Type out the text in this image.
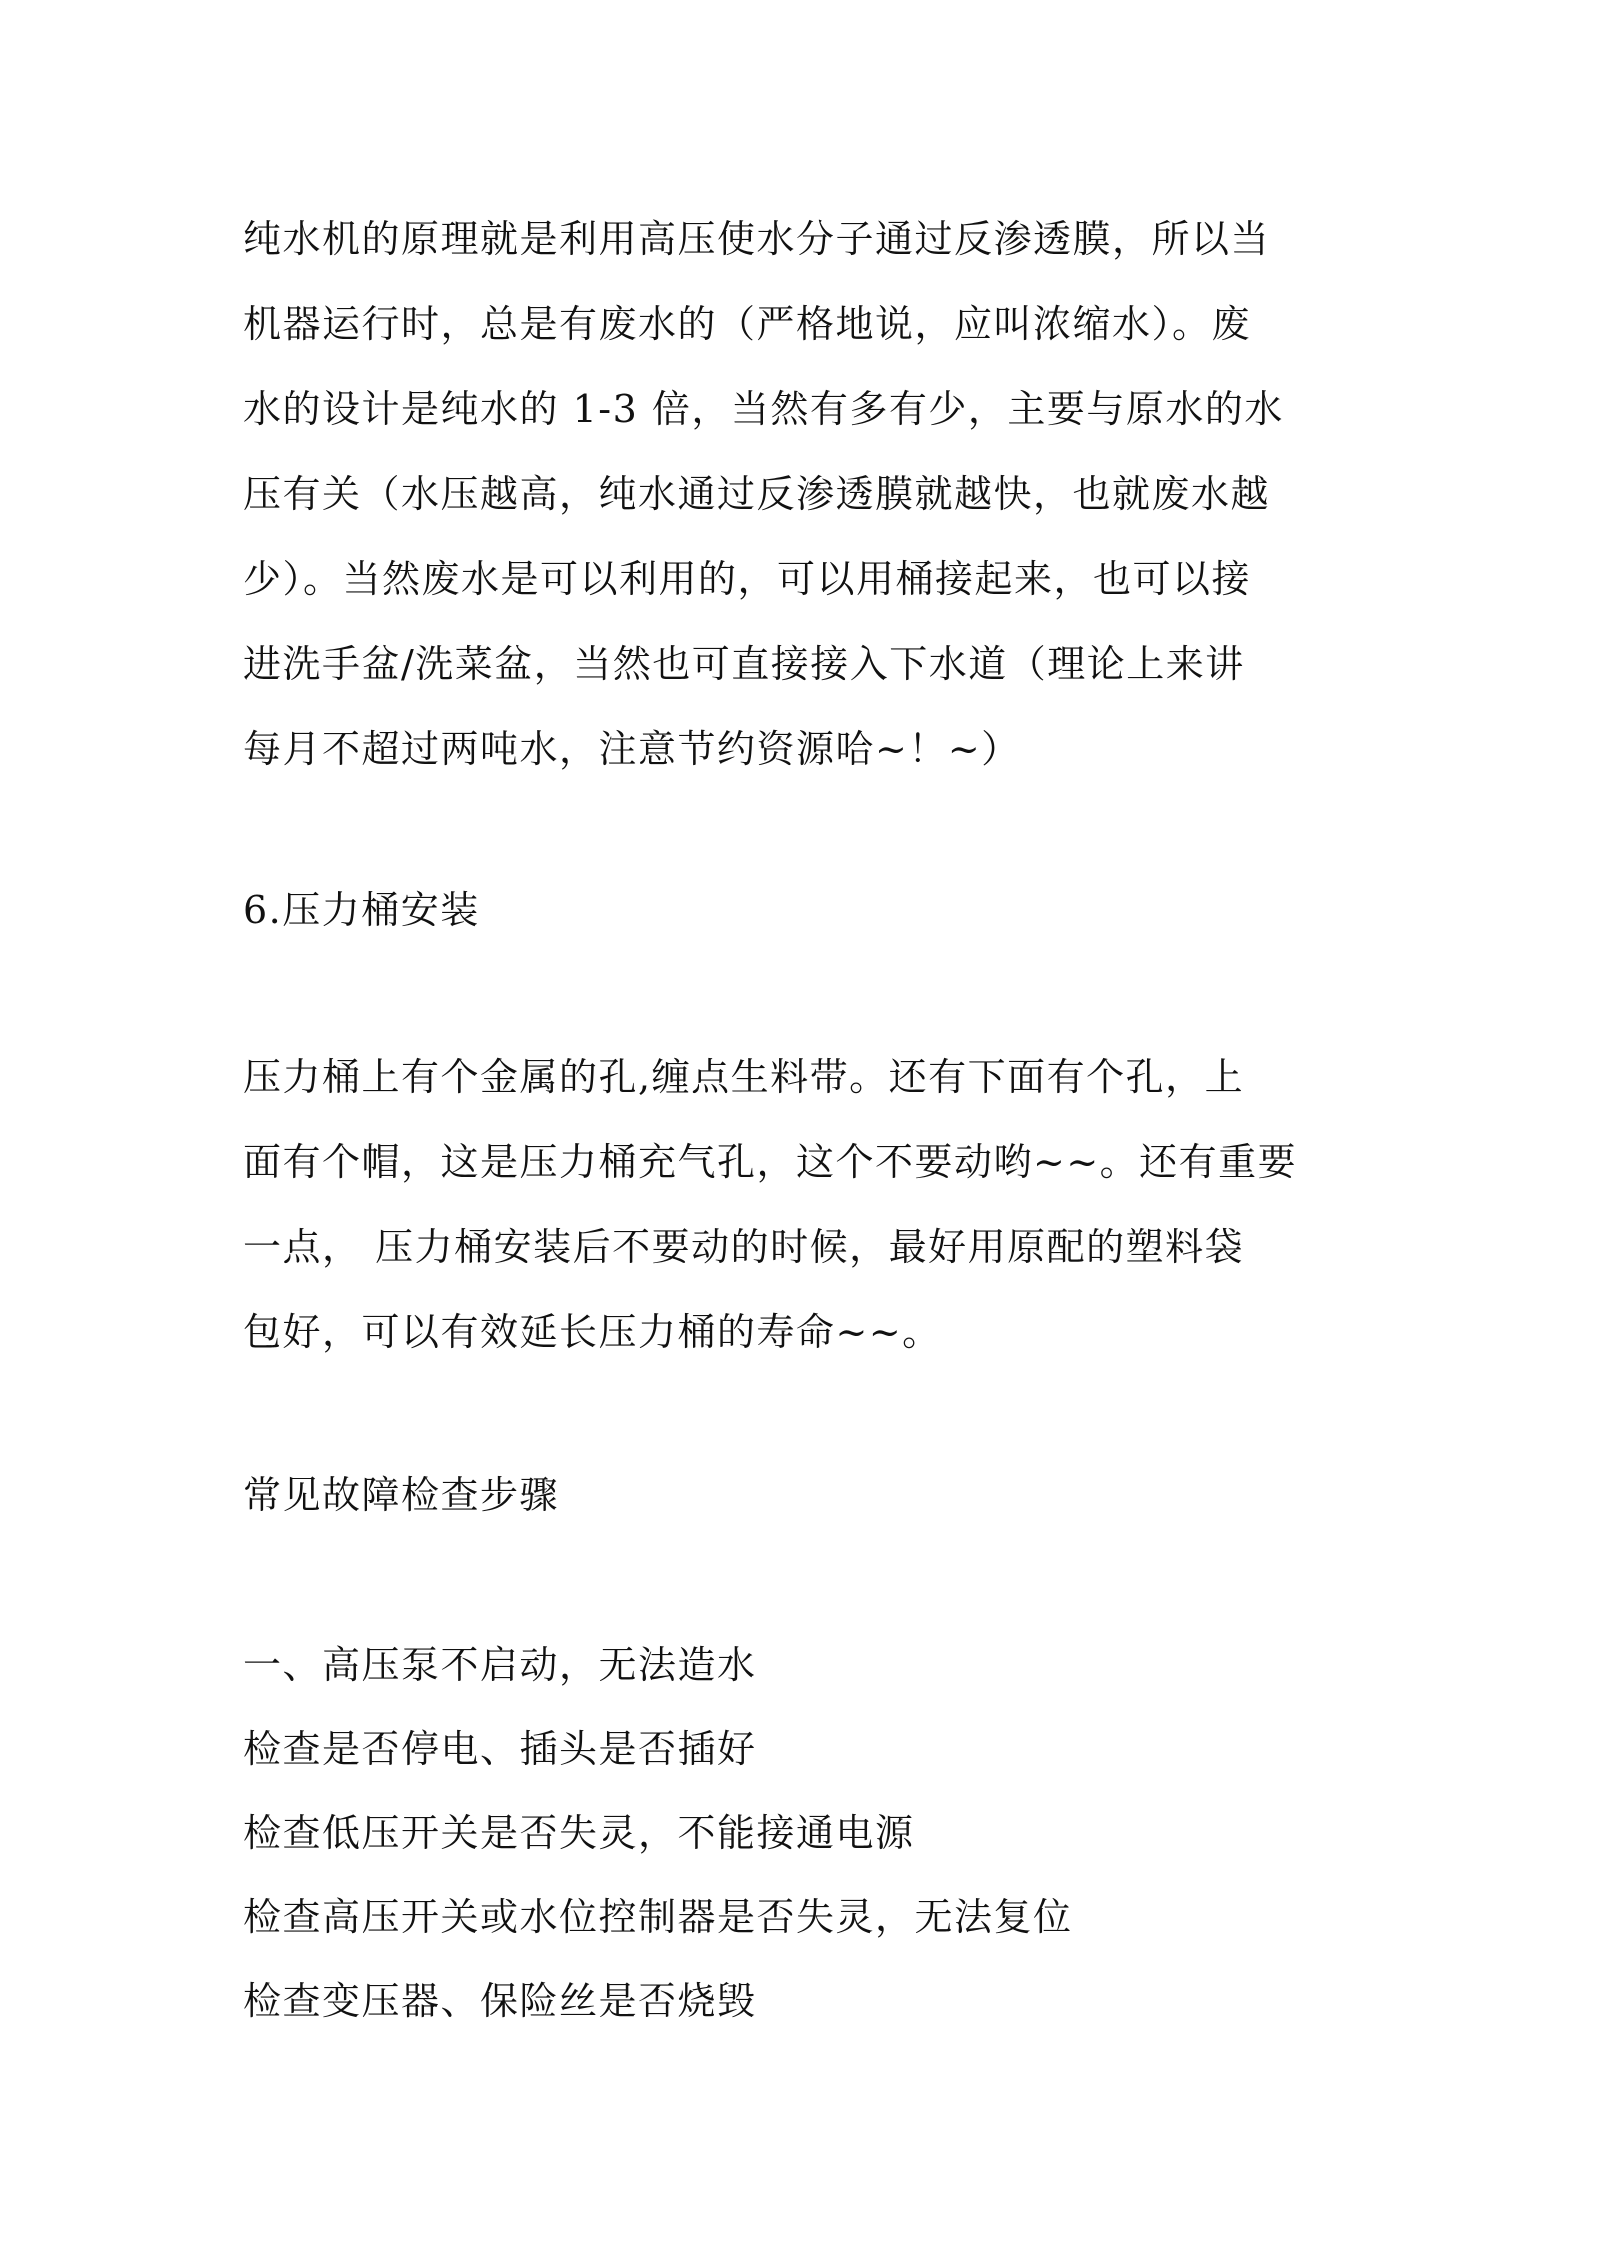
纯水机的原理就是利用高压使水分子通过反渗透膜，所以当
机器运行时，总是有废水的（严格地说，应叫浓缩水）。废
水的设计是纯水的 1-3 倍，当然有多有少，主要与原水的水
压有关（水压越高，纯水通过反渗透膜就越快，也就废水越
少）。当然废水是可以利用的，可以用桶接起来，也可以接
进洗手盆/洗菜盆，当然也可直接接入下水道（理论上来讲
每月不超过两吨水，注意节约资源哈~！~）

6.压力桶安装

压力桶上有个金属的孔,缠点生料带。还有下面有个孔，上
面有个帽，这是压力桶充气孔，这个不要动哟~~。还有重要
一点， 压力桶安装后不要动的时候，最好用原配的塑料袋
包好，可以有效延长压力桶的寿命~~。

常见故障检查步骤
一、高压泵不启动，无法造水
检查是否停电、插头是否插好
检查低压开关是否失灵，不能接通电源
检查高压开关或水位控制器是否失灵，无法复位
检查变压器、保险丝是否烧毁
